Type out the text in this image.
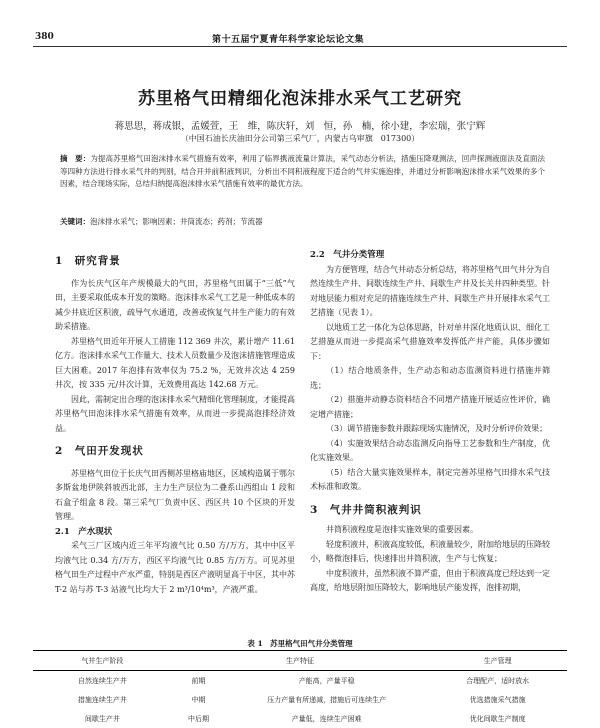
380	第十五届宁夏青年科学家论坛论文集
苏里格气田精细化泡沫排水采气工艺研究
蒋思思，蒋成银，孟媛萱，王　维，陈庆轩，刘　恒，孙　楠，徐小建，李宏瑞，张宁辉
（中国石油长庆油田分公司第三采气厂，内蒙古乌审旗　017300）
摘　要：为提高苏里格气田泡沫排水采气措施有效率，利用了临界携液流量计算法，采气动态分析法，措施压降观测法，回声探测液面法及直面法等四种方法进行排水采气井的判别，结合开井前积液判识，分析出不同积液程度下适合的气井实施泡排，并通过分析影响泡沫排水采气效果的多个因素，结合现场实际，总结归纳提高泡沫排水采气措施有效率的最优方法。
关键词：泡沫排水采气；影响因素；井筒流态；药剂；节流器
1　研究背景

作为长庆气区年产规模最大的气田，苏里格气田属于“三低”气田，主要采取低成本开发的策略。泡沫排水采气工艺是一种低成本的减少井底近区积液，疏导气水通道，改善或恢复气井生产能力的有效助采措施。

苏里格气田近年开展人工措施 112 369 井次，累计增产 11.61 亿方。泡沫排水采气工作量大、技术人员数量少及泡沫措施管理造成巨大困难。2017 年泡排有效率仅为 75.2 %，无效井次达 4 259 井次，按 335 元/井次计算，无效费用高达 142.68 万元。

因此，需制定出合理的泡沫排水采气精细化管理制度，才能提高苏里格气田泡沫排水采气措施有效率，从而进一步提高泡排经济效益。

2　气田开发现状

苏里格气田位于长庆气田西侧苏里格庙地区，区域构造属于鄂尔多斯盆地伊陕斜坡西北部，主力生产层位为二叠系山西组山 1 段和石盒子组盒 8 段。第三采气厂负责中区、西区共 10 个区块的开发管理。

2.1　产水现状

采气三厂区域内近三年平均液气比 0.50 方/万方，其中中区平均液气比 0.34 方/万方，西区平均液气比 0.85 方/万方。可见苏里格气田生产过程中产水严重，特别是西区产液明显高于中区，其中苏 T-2 站与苏 T-3 站液气比均大于 2 m³/10⁴m³，产液严重。

2.2　气井分类管理

为方便管理，结合气井动态分析总结，将苏里格气田气井分为自然连续生产井、间歇连续生产井、间歇生产井及长关井四种类型。针对地层能力相对充足的措施连续生产井、间歇生产井开展排水采气工艺措施（见表 1）。

以地质工艺一体化为总体思路，针对单井深化地质认识、细化工艺措施从而进一步提高采气措施效率发挥低产井产能，具体步骤如下：

（1）结合地质条件，生产动态和动态监测资料进行措施井筛选；

（2）措施井动静态资料结合不同增产措施开展适应性评价，确定增产措施；

（3）调节措施参数并跟踪现场实施情况，及时分析评价效果；

（4）实施效果结合动态监测反向指导工艺参数和生产制度，优化实施效果。

（5）结合大量实施效果样本，制定完善苏里格气田排水采气技术标准和政策。

3　气井井筒积液判识

井筒积液程度是泡排实施效果的重要因素。

轻度积液井，积液高度较低，积液量较少，附加给地层的压降较小，略微泡排后，快速排出井筒积液，生产与七恢复；

中度积液井，虽然积液不算严重，但由于积液高度已经达到一定高度，给地层附加压降较大，影响地层产能发挥，泡排初期，

表 1　苏里格气田气井分类管理
气井生产阶段	生产特征		生产管理
自然连续生产井	前期	产能高，产量平稳	合理配产，适时放水
措施连续生产井	中期	压力产量有所递减，措施后可连续生产	优选措施采气措施
间歇生产井	中后期	产量低，连续生产困难	优化间歇生产制度
